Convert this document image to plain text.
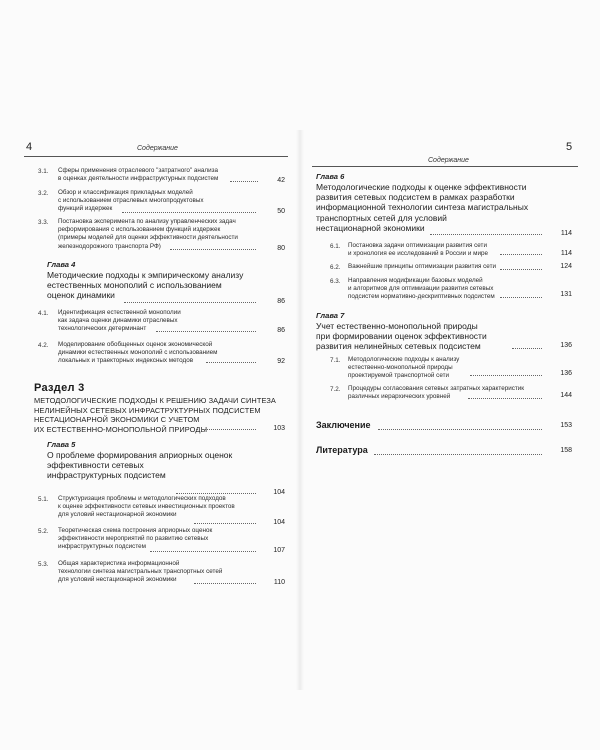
4	Содержание
3.1. Сферы применения отраслевого "затратного" анализа
в оценках деятельности инфраструктурных подсистем	42
3.2. Обзор и классификация прикладных моделей
с использованием отраслевых многопродуктовых
функций издержек	50
3.3. Постановка эксперимента по анализу управленческих задач
реформирования с использованием функций издержек
(примеры моделей для оценки эффективности деятельности
железнодорожного транспорта РФ)	80
Глава 4
Методические подходы к эмпирическому анализу
естественных монополий с использованием
оценок динамики
86
4.1. Идентификация естественной монополии
как задача оценки динамики отраслевых
технологических детерминант	86
4.2. Моделирование обобщенных оценок экономической
динамики естественных монополий с использованием
локальных и траекторных индексных методов	92
Раздел 3
МЕТОДОЛОГИЧЕСКИЕ ПОДХОДЫ К РЕШЕНИЮ ЗАДАЧИ СИНТЕЗА
НЕЛИНЕЙНЫХ СЕТЕВЫХ ИНФРАСТРУКТУРНЫХ ПОДСИСТЕМ
НЕСТАЦИОНАРНОЙ ЭКОНОМИКИ С УЧЕТОМ
ИХ ЕСТЕСТВЕННО-МОНОПОЛЬНОЙ ПРИРОДЫ	103
Глава 5
О проблеме формирования априорных оценок
эффективности сетевых
инфраструктурных подсистем
104
5.1. Структуризация проблемы и методологических подходов
к оценке эффективности сетевых инвестиционных проектов
для условий нестационарной экономики
104
5.2. Теоретическая схема построения априорных оценок
эффективности мероприятий по развитию сетевых
инфраструктурных подсистем
107
5.3. Общая характеристика информационной
технологии синтеза магистральных транспортных сетей
для условий нестационарной экономики	110
Содержание
5
Глава 6
Методологические подходы к оценке эффективности
развития сетевых подсистем в рамках разработки
информационной технологии синтеза магистральных
транспортных сетей для условий
нестационарной экономики
114
6.1. Постановка задачи оптимизации развития сети
и хронология ее исследований в России и мире	114
6.2. Важнейшие принципы оптимизации развития сети	124
6.3. Направления модификации базовых моделей
и алгоритмов для оптимизации развития сетевых
подсистем нормативно-дескриптивных подсистем	131
Глава 7
Учет естественно-монопольной природы
при формировании оценок эффективности
развития нелинейных сетевых подсистем	136
7.1. Методологические подходы к анализу
естественно-монопольной природы
проектируемой транспортной сети	136
7.2. Процедуры согласования сетевых затратных характеристик
различных иерархических уровней	144
Заключение	153
Литература	158
